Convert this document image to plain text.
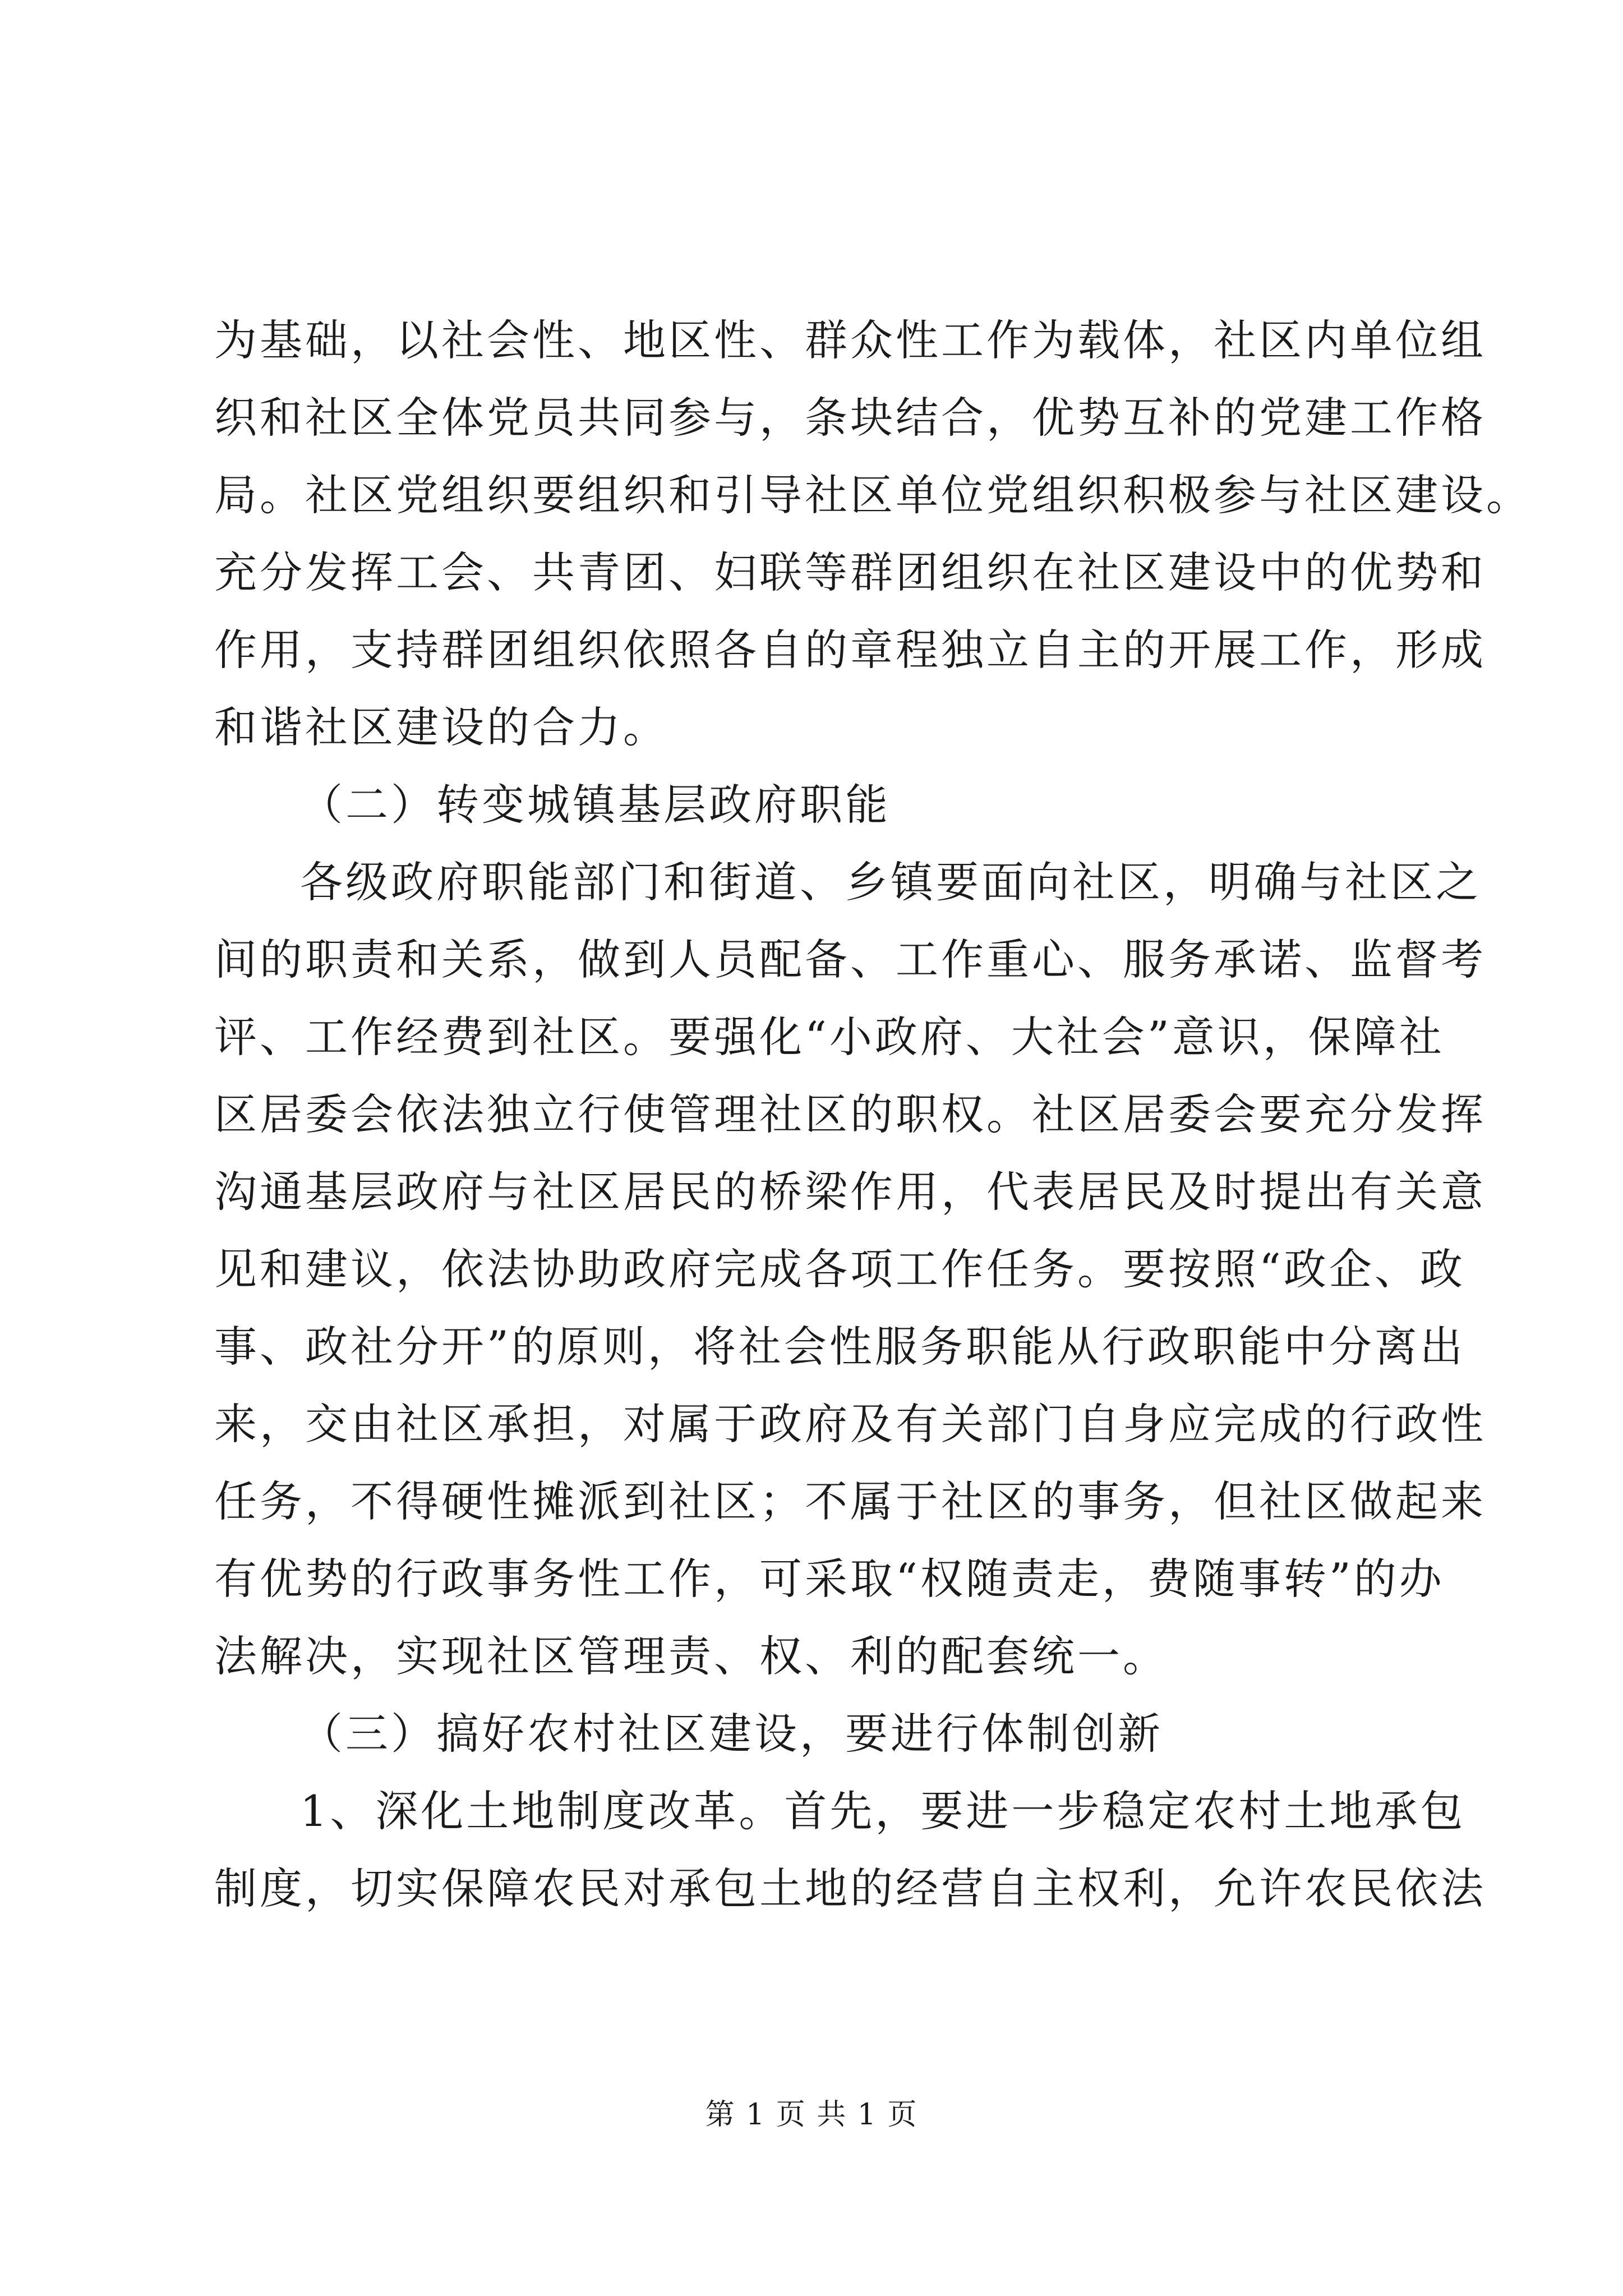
为基础，以社会性、地区性、群众性工作为载体，社区内单位组
织和社区全体党员共同参与，条块结合，优势互补的党建工作格
局。社区党组织要组织和引导社区单位党组织积极参与社区建设。
充分发挥工会、共青团、妇联等群团组织在社区建设中的优势和
作用，支持群团组织依照各自的章程独立自主的开展工作，形成
和谐社区建设的合力。
（二）转变城镇基层政府职能
各级政府职能部门和街道、乡镇要面向社区，明确与社区之
间的职责和关系，做到人员配备、工作重心、服务承诺、监督考
评、工作经费到社区。要强化“小政府、大社会”意识，保障社
区居委会依法独立行使管理社区的职权。社区居委会要充分发挥
沟通基层政府与社区居民的桥梁作用，代表居民及时提出有关意
见和建议，依法协助政府完成各项工作任务。要按照“政企、政
事、政社分开”的原则，将社会性服务职能从行政职能中分离出
来，交由社区承担，对属于政府及有关部门自身应完成的行政性
任务，不得硬性摊派到社区；不属于社区的事务，但社区做起来
有优势的行政事务性工作，可采取“权随责走，费随事转”的办
法解决，实现社区管理责、权、利的配套统一。
（三）搞好农村社区建设，要进行体制创新
1、深化土地制度改革。首先，要进一步稳定农村土地承包
制度，切实保障农民对承包土地的经营自主权利，允许农民依法
第 1 页 共 1 页
